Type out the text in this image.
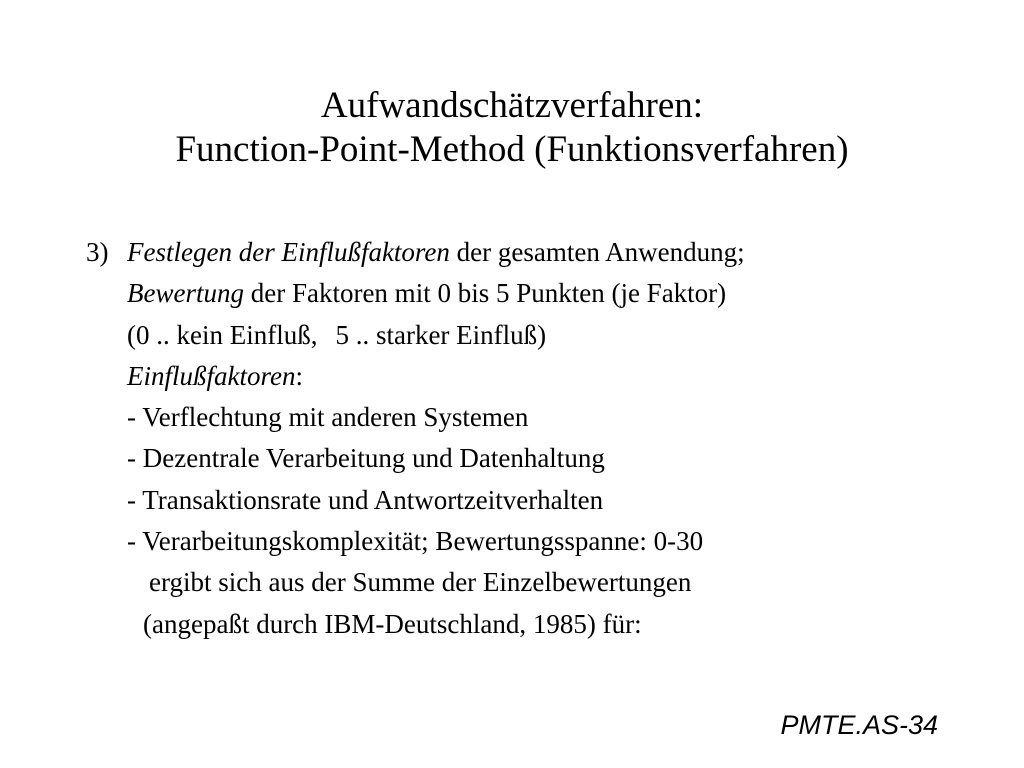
Aufwandschätzverfahren:
Function-Point-Method (Funktionsverfahren)
3) Festlegen der Einflußfaktoren der gesamten Anwendung;
Bewertung der Faktoren mit 0 bis 5 Punkten (je Faktor)
(0 .. kein Einfluß, 5 .. starker Einfluß)
Einflußfaktoren:
- Verflechtung mit anderen Systemen
- Dezentrale Verarbeitung und Datenhaltung
- Transaktionsrate und Antwortzeitverhalten
- Verarbeitungskomplexität; Bewertungsspanne: 0-30
ergibt sich aus der Summe der Einzelbewertungen
(angepaßt durch IBM-Deutschland, 1985) für:
PMTE.AS-34
